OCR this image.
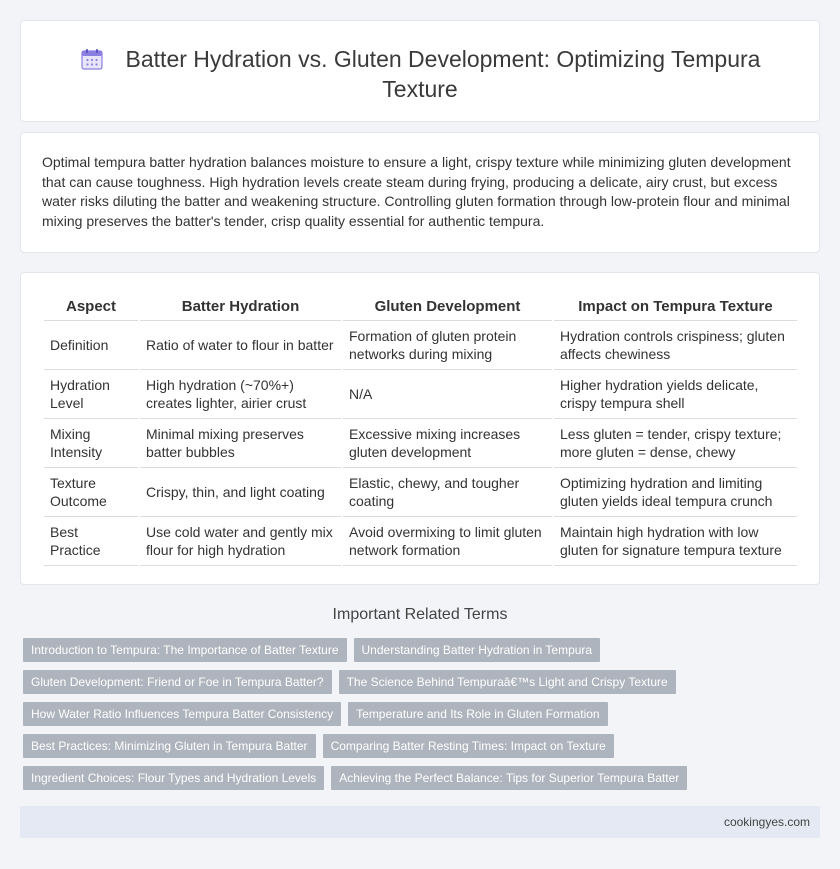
Batter Hydration vs. Gluten Development: Optimizing Tempura Texture

Optimal tempura batter hydration balances moisture to ensure a light, crispy texture while minimizing gluten development that can cause toughness. High hydration levels create steam during frying, producing a delicate, airy crust, but excess water risks diluting the batter and weakening structure. Controlling gluten formation through low-protein flour and minimal mixing preserves the batter's tender, crisp quality essential for authentic tempura.

Aspect	Batter Hydration	Gluten Development	Impact on Tempura Texture
Definition	Ratio of water to flour in batter	Formation of gluten protein networks during mixing	Hydration controls crispiness; gluten affects chewiness
Hydration Level	High hydration (~70%+) creates lighter, airier crust	N/A	Higher hydration yields delicate, crispy tempura shell
Mixing Intensity	Minimal mixing preserves batter bubbles	Excessive mixing increases gluten development	Less gluten = tender, crispy texture; more gluten = dense, chewy
Texture Outcome	Crispy, thin, and light coating	Elastic, chewy, and tougher coating	Optimizing hydration and limiting gluten yields ideal tempura crunch
Best Practice	Use cold water and gently mix flour for high hydration	Avoid overmixing to limit gluten network formation	Maintain high hydration with low gluten for signature tempura texture
Important Related Terms
Introduction to Tempura: The Importance of Batter Texture	Understanding Batter Hydration in Tempura
Gluten Development: Friend or Foe in Tempura Batter?	The Science Behind Tempuraâ€™s Light and Crispy Texture
How Water Ratio Influences Tempura Batter Consistency	Temperature and Its Role in Gluten Formation
Best Practices: Minimizing Gluten in Tempura Batter	Comparing Batter Resting Times: Impact on Texture
Ingredient Choices: Flour Types and Hydration Levels	Achieving the Perfect Balance: Tips for Superior Tempura Batter
cookingyes.com
